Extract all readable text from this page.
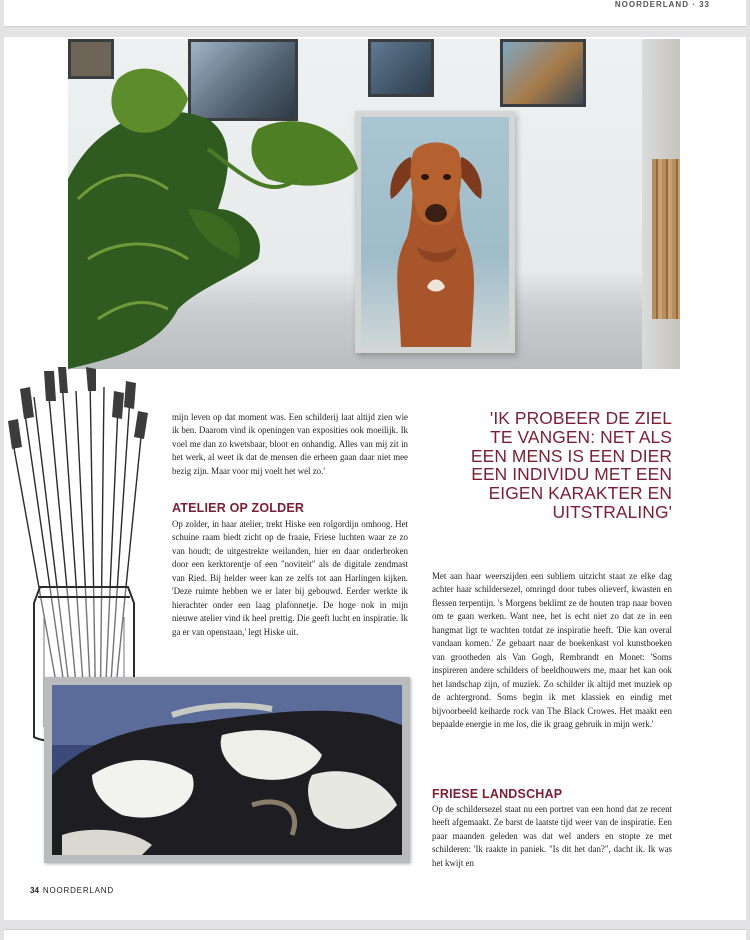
NOORDERLAND · 33

mijn leven op dat moment was. Een schilderij laat altijd zien wie ik ben. Daarom vind ik openingen van exposities ook moeilijk. Ik voel me dan zo kwetsbaar, bloot en onhandig. Alles van mij zit in het werk, al weet ik dat de mensen die erheen gaan daar niet mee bezig zijn. Maar voor mij voelt het wel zo.'

ATELIER OP ZOLDER

Op zolder, in haar atelier, trekt Hiske een rolgordijn omhoog. Het schuine raam biedt zicht op de fraaie, Friese luchten waar ze zo van houdt; de uitgestrekte weilanden, hier en daar onderbroken door een kerktorentje of een "noviteit" als de digitale zendmast van Ried. Bij helder weer kan ze zelfs tot aan Harlingen kijken. 'Deze ruimte hebben we er later bij gebouwd. Eerder werkte ik hierachter onder een laag plafonnetje. De hoge nok in mijn nieuwe atelier vind ik heel prettig. Die geeft lucht en inspiratie. Ik ga er van openstaan,' legt Hiske uit.

'IK PROBEER DE ZIEL
TE VANGEN: NET ALS
EEN MENS IS EEN DIER
EEN INDIVIDU MET EEN
EIGEN KARAKTER EN
UITSTRALING'

Met aan haar weerszijden een subliem uitzicht staat ze elke dag achter haar schildersezel, omringd door tubes olieverf, kwasten en flessen terpentijn. 's Morgens beklimt ze de houten trap naar boven om te gaan werken. Want nee, het is echt niet zo dat ze in een hangmat ligt te wachten totdat ze inspiratie heeft. 'Die kan overal vandaan komen.' Ze gebaart naar de boekenkast vol kunstboeken van grootheden als Van Gogh, Rembrandt en Monet: 'Soms inspireren andere schilders of beeldhouwers me, maar het kan ook het landschap zijn, of muziek. Zo schilder ik altijd met muziek op de achtergrond. Soms begin ik met klassiek en eindig met bijvoorbeeld keiharde rock van The Black Crowes. Het maakt een bepaalde energie in me los, die ik graag gebruik in mijn werk.'

FRIESE LANDSCHAP

Op de schildersezel staat nu een portret van een hond dat ze recent heeft afgemaakt. Ze barst de laatste tijd weer van de inspiratie. Een paar maanden geleden was dat wel anders en stopte ze met schilderen: 'Ik raakte in paniek. "Is dit het dan?", dacht ik. Ik was het kwijt en

34 NOORDERLAND
